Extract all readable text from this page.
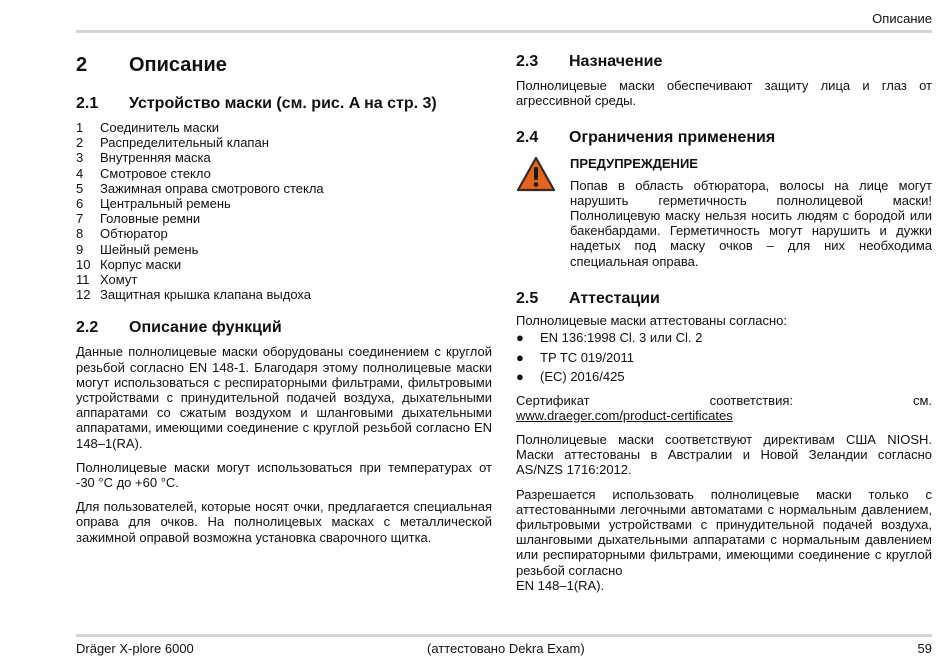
Описание
2	Описание
2.1	Устройство маски (см. рис. A на стр. 3)
1	Соединитель маски
2	Распределительный клапан
3	Внутренняя маска
4	Смотровое стекло
5	Зажимная оправа смотрового стекла
6	Центральный ремень
7	Головные ремни
8	Обтюратор
9	Шейный ремень
10 Корпус маски
11 Хомут
12 Защитная крышка клапана выдоха
2.2	Описание функций

Данные полнолицевые маски оборудованы соединением с круглой резьбой согласно EN 148-1. Благодаря этому полнолицевые маски могут использоваться с респираторными фильтрами, фильтровыми устройствами с принудительной подачей воздуха, дыхательными аппаратами со сжатым воздухом и шланговыми дыхательными аппаратами, имеющими соединение с круглой резьбой согласно EN 148–1(RA).

Полнолицевые маски могут использоваться при температурах от -30 °C до +60 °C.

Для пользователей, которые носят очки, предлагается специальная оправа для очков. На полнолицевых масках с металлической зажимной оправой возможна установка сварочного щитка.

2.3	Назначение

Полнолицевые маски обеспечивают защиту лица и глаз от агрессивной среды.

2.4	Ограничения применения
ПРЕДУПРЕЖДЕНИЕ

Попав в область обтюратора, волосы на лице могут нарушить герметичность полнолицевой маски! Полнолицевую маску нельзя носить людям с бородой или бакенбардами. Герметичность могут нарушить и дужки надетых под маску очков – для них необходима специальная оправа.

2.5	Аттестации
Полнолицевые маски аттестованы согласно:
●	EN 136:1998 Cl. 3 или Cl. 2
●	TP TC 019/2011
●	(EC) 2016/425

Сертификат соответствия: см. www.draeger.com/product-certificates

Полнолицевые маски соответствуют директивам США NIOSH. Маски аттестованы в Австралии и Новой Зеландии согласно AS/NZS 1716:2012.

Разрешается использовать полнолицевые маски только с аттестованными легочными автоматами с нормальным давлением, фильтровыми устройствами с принудительной подачей воздуха, шланговыми дыхательными аппаратами с нормальным давлением или респираторными фильтрами, имеющими соединение с круглой резьбой согласно
EN 148–1(RA).

Dräger X-plore 6000	(аттестовано Dekra Exam)	59
